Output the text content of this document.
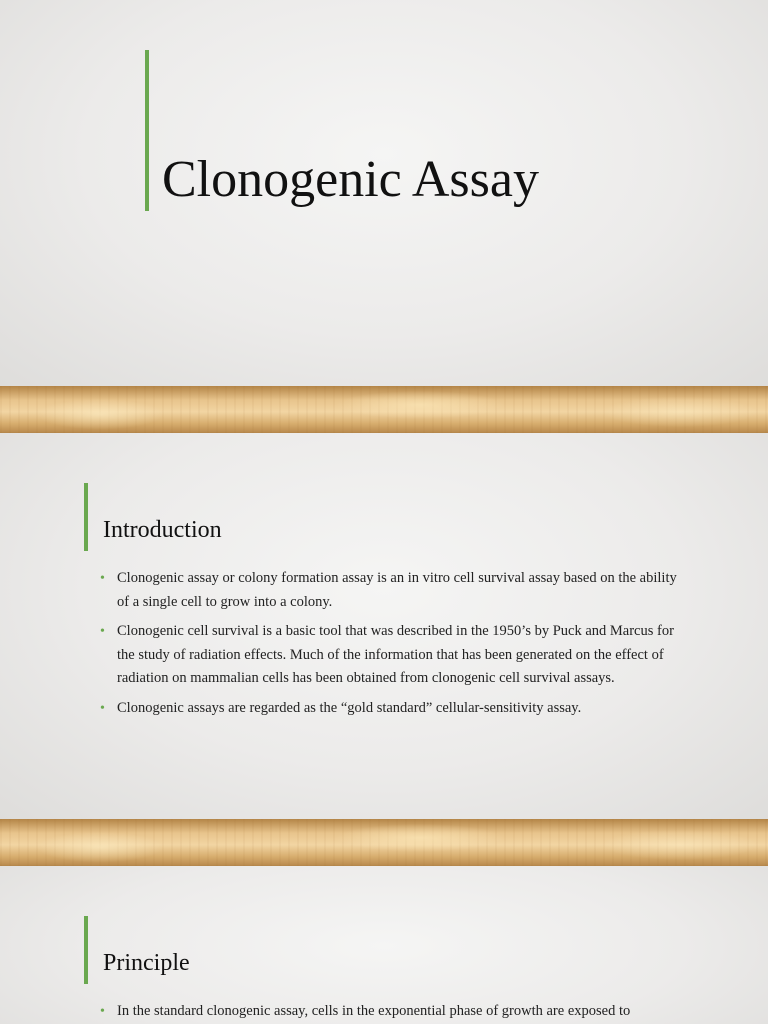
Clonogenic Assay
Introduction
• Clonogenic assay or colony formation assay is an in vitro cell survival assay based on the ability of a single cell to grow into a colony.
• Clonogenic cell survival is a basic tool that was described in the 1950’s by Puck and Marcus for the study of radiation effects. Much of the information that has been generated on the effect of radiation on mammalian cells has been obtained from clonogenic cell survival assays.
• Clonogenic assays are regarded as the “gold standard” cellular-sensitivity assay.
Principle
• In the standard clonogenic assay, cells in the exponential phase of growth are exposed to
